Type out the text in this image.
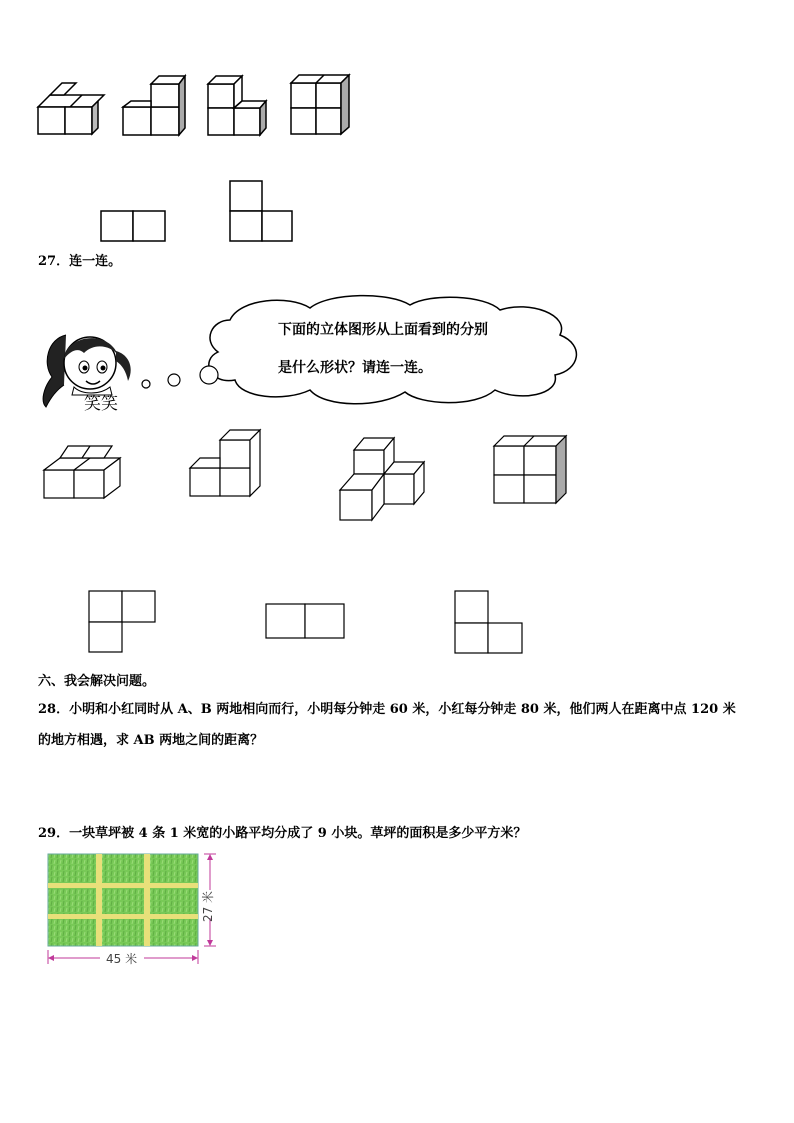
27．连一连。
下面的立体图形从上面看到的分别
是什么形状？请连一连。
笑笑
六、我会解决问题。
28．小明和小红同时从 A、B 两地相向而行，小明每分钟走 60 米，小红每分钟走 80 米，他们两人在距离中点 120 米
的地方相遇，求 AB 两地之间的距离？
29．一块草坪被 4 条 1 米宽的小路平均分成了 9 小块。草坪的面积是多少平方米？
27 米
45 米
